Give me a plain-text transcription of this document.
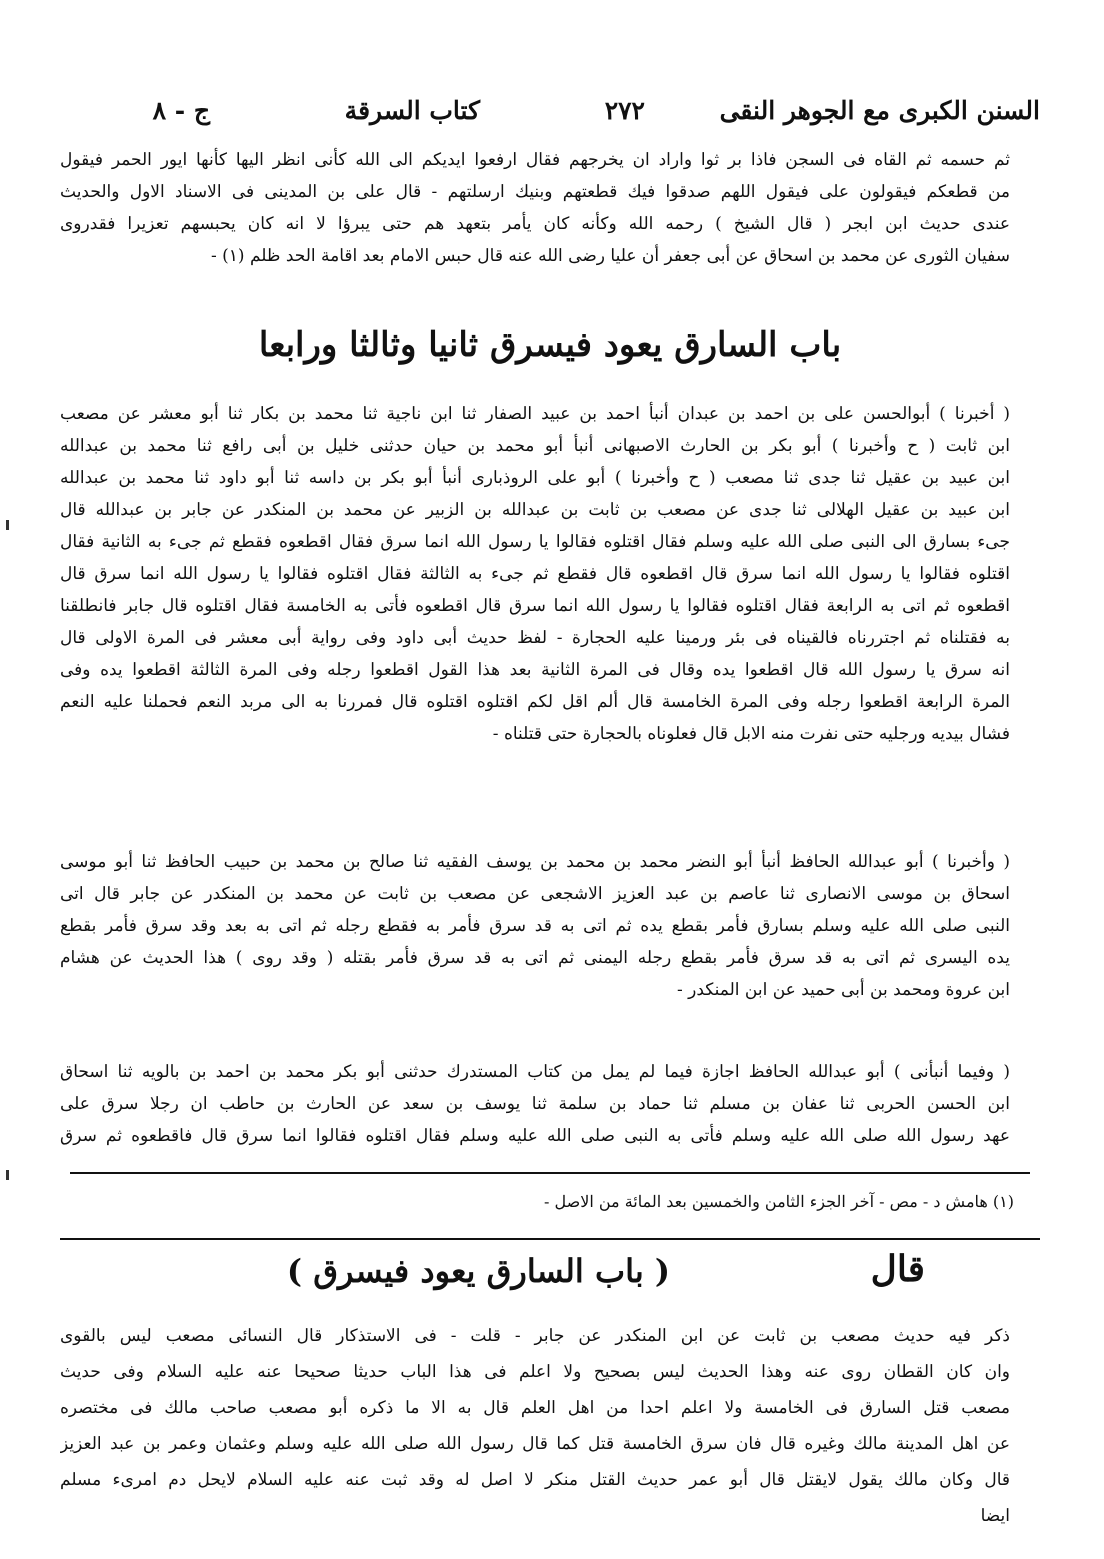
السنن الكبرى مع الجوهر النقى
٢٧٢
كتاب السرقة
ج - ٨
ثم حسمه ثم القاه فى السجن فاذا بر ثوا واراد ان يخرجهم فقال ارفعوا ايديكم الى الله كأنى انظر اليها كأنها ايور الحمر فيقول
من قطعكم فيقولون على فيقول اللهم صدقوا فيك قطعتهم وبنيك ارسلتهم - قال على بن المدينى فى الاسناد الاول والحديث
عندى حديث ابن ابجر ( قال الشيخ ) رحمه الله وكأنه كان يأمر بتعهد هم حتى يبرؤا لا انه كان يحبسهم تعزيرا فقدروى
سفيان الثورى عن محمد بن اسحاق عن أبى جعفر أن عليا رضى الله عنه قال حبس الامام بعد اقامة الحد ظلم (١) -
باب السارق يعود فيسرق ثانيا وثالثا ورابعا
( أخبرنا ) أبوالحسن على بن احمد بن عبدان أنبأ احمد بن عبيد الصفار ثنا ابن ناجية ثنا محمد بن بكار ثنا أبو معشر عن مصعب
ابن ثابت ( ح وأخبرنا ) أبو بكر بن الحارث الاصبهانى أنبأ أبو محمد بن حيان حدثنى خليل بن أبى رافع ثنا محمد بن عبدالله
ابن عبيد بن عقيل ثنا جدى ثنا مصعب ( ح وأخبرنا ) أبو على الروذبارى أنبأ أبو بكر بن داسه ثنا أبو داود ثنا محمد بن عبدالله
ابن عبيد بن عقيل الهلالى ثنا جدى عن مصعب بن ثابت بن عبدالله بن الزبير عن محمد بن المنكدر عن جابر بن عبدالله قال
جىء بسارق الى النبى صلى الله عليه وسلم فقال اقتلوه فقالوا يا رسول الله انما سرق فقال اقطعوه فقطع ثم جىء به الثانية فقال
اقتلوه فقالوا يا رسول الله انما سرق قال اقطعوه قال فقطع ثم جىء به الثالثة فقال اقتلوه فقالوا يا رسول الله انما سرق قال
اقطعوه ثم اتى به الرابعة فقال اقتلوه فقالوا يا رسول الله انما سرق قال اقطعوه فأتى به الخامسة فقال اقتلوه قال جابر فانطلقنا
به فقتلناه ثم اجتررناه فالقيناه فى بئر ورمينا عليه الحجارة - لفظ حديث أبى داود وفى رواية أبى معشر فى المرة الاولى قال
انه سرق يا رسول الله قال اقطعوا يده وقال فى المرة الثانية بعد هذا القول اقطعوا رجله وفى المرة الثالثة اقطعوا يده وفى
المرة الرابعة اقطعوا رجله وفى المرة الخامسة قال ألم اقل لكم اقتلوه اقتلوه قال فمررنا به الى مربد النعم فحملنا عليه النعم
فشال بيديه ورجليه حتى نفرت منه الابل قال فعلوناه بالحجارة حتى قتلناه -
( وأخبرنا ) أبو عبدالله الحافظ أنبأ أبو النضر محمد بن محمد بن يوسف الفقيه ثنا صالح بن محمد بن حبيب الحافظ ثنا أبو موسى
اسحاق بن موسى الانصارى ثنا عاصم بن عبد العزيز الاشجعى عن مصعب بن ثابت عن محمد بن المنكدر عن جابر قال اتى
النبى صلى الله عليه وسلم بسارق فأمر بقطع يده ثم اتى به قد سرق فأمر به فقطع رجله ثم اتى به بعد وقد سرق فأمر بقطع
يده اليسرى ثم اتى به قد سرق فأمر بقطع رجله اليمنى ثم اتى به قد سرق فأمر بقتله ( وقد روى ) هذا الحديث عن هشام
ابن عروة ومحمد بن أبى حميد عن ابن المنكدر -
( وفيما أنبأنى ) أبو عبدالله الحافظ اجازة فيما لم يمل من كتاب المستدرك حدثنى أبو بكر محمد بن احمد بن بالويه ثنا اسحاق
ابن الحسن الحربى ثنا عفان بن مسلم ثنا حماد بن سلمة ثنا يوسف بن سعد عن الحارث بن حاطب ان رجلا سرق على
عهد رسول الله صلى الله عليه وسلم فأتى به النبى صلى الله عليه وسلم فقال اقتلوه فقالوا انما سرق قال فاقطعوه ثم سرق
(١) هامش د - مص - آخر الجزء الثامن والخمسين بعد المائة من الاصل -
قال
( باب السارق يعود فيسرق )
ذكر فيه حديث مصعب بن ثابت عن ابن المنكدر عن جابر - قلت - فى الاستذكار قال النسائى مصعب ليس بالقوى
وان كان القطان روى عنه وهذا الحديث ليس بصحيح ولا اعلم فى هذا الباب حديثا صحيحا عنه عليه السلام وفى حديث
مصعب قتل السارق فى الخامسة ولا اعلم احدا من اهل العلم قال به الا ما ذكره أبو مصعب صاحب مالك فى مختصره
عن اهل المدينة مالك وغيره قال فان سرق الخامسة قتل كما قال رسول الله صلى الله عليه وسلم وعثمان وعمر بن عبد العزيز
قال وكان مالك يقول لايقتل قال أبو عمر حديث القتل منكر لا اصل له وقد ثبت عنه عليه السلام لايحل دم امرىء مسلم
ايضا
